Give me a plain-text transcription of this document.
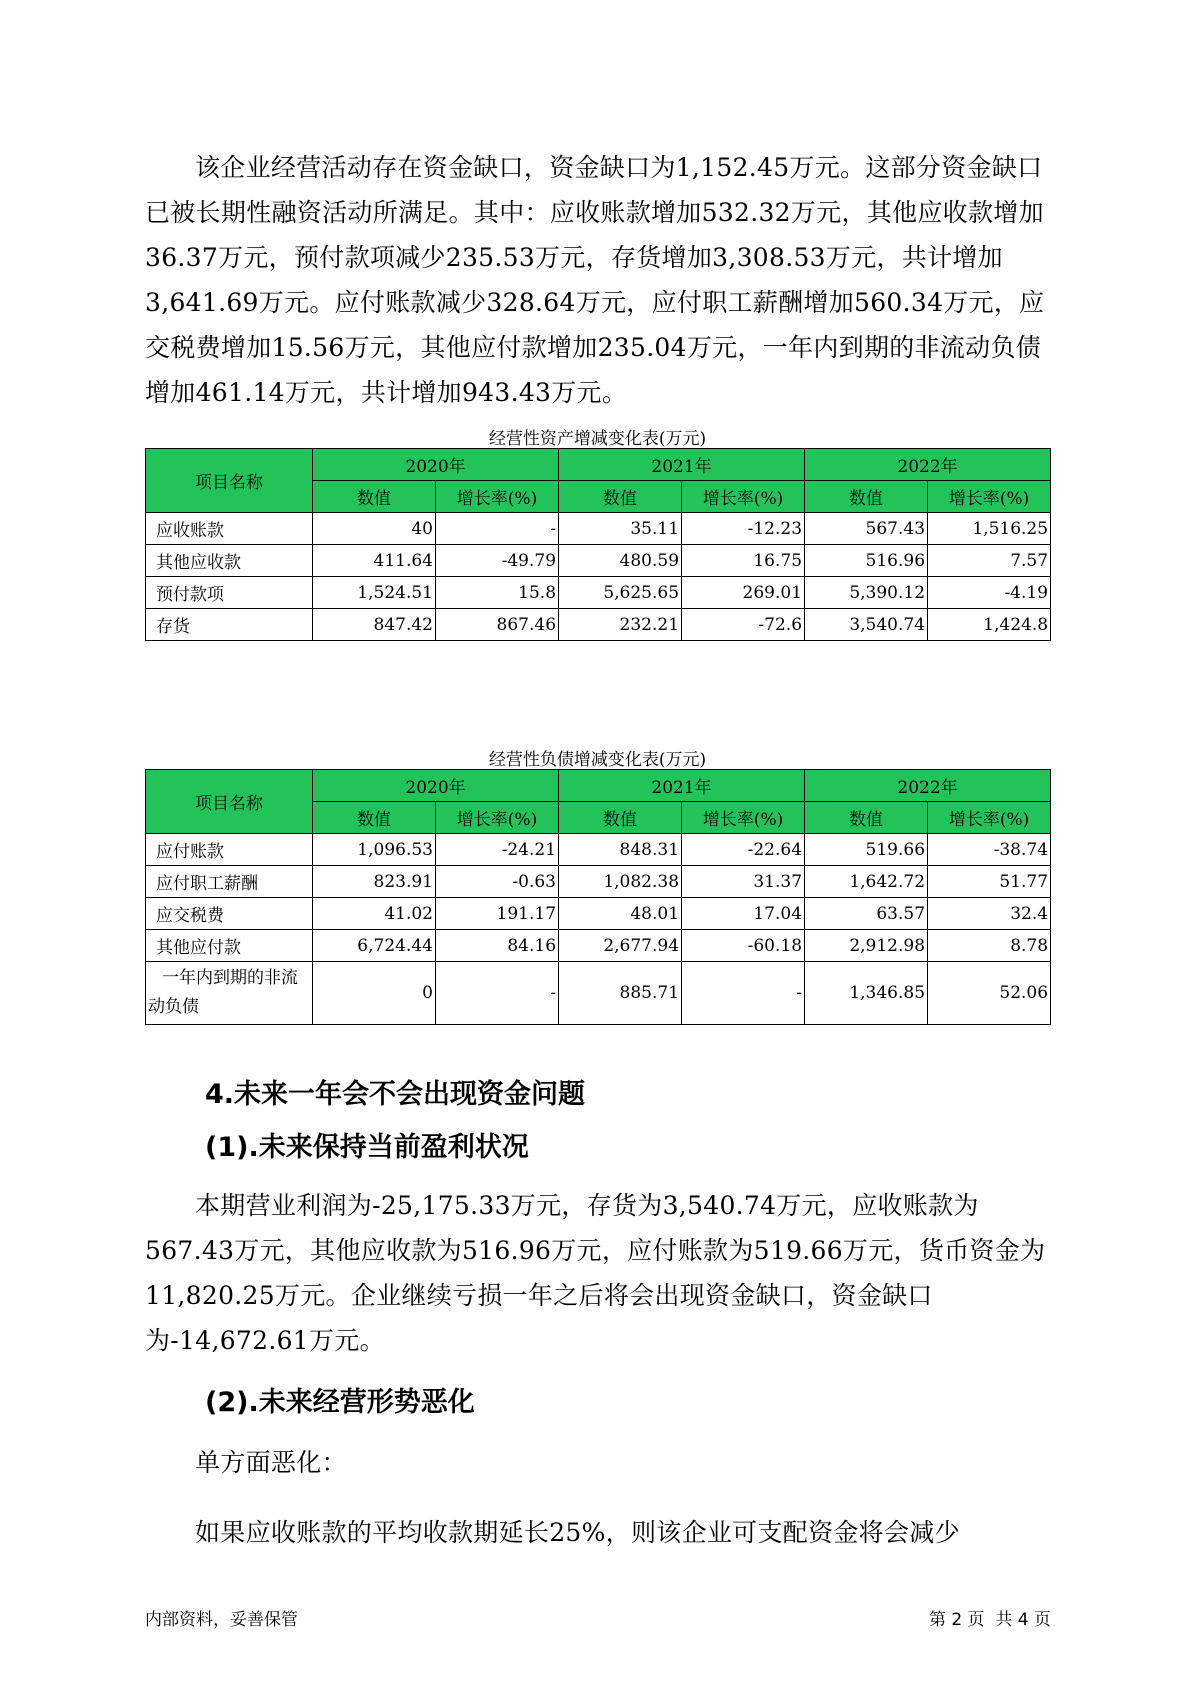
该企业经营活动存在资金缺口，资金缺口为1,152.45万元。这部分资金缺口已被长期性融资活动所满足。其中：应收账款增加532.32万元，其他应收款增加36.37万元，预付款项减少235.53万元，存货增加3,308.53万元，共计增加3,641.69万元。应付账款减少328.64万元，应付职工薪酬增加560.34万元，应交税费增加15.56万元，其他应付款增加235.04万元，一年内到期的非流动负债增加461.14万元，共计增加943.43万元。

经营性资产增减变化表(万元)
项目名称	2020年		2021年		2022年	
	数值	增长率(%)	数值	增长率(%)	数值	增长率(%)
应收账款	40	-	35.11	-12.23	567.43	1,516.25
其他应收款	411.64	-49.79	480.59	16.75	516.96	7.57
预付款项	1,524.51	15.8	5,625.65	269.01	5,390.12	-4.19
存货	847.42	867.46	232.21	-72.6	3,540.74	1,424.8
经营性负债增减变化表(万元)
项目名称	2020年		2021年		2022年	
	数值	增长率(%)	数值	增长率(%)	数值	增长率(%)
应付账款	1,096.53	-24.21	848.31	-22.64	519.66	-38.74
应付职工薪酬	823.91	-0.63	1,082.38	31.37	1,642.72	51.77
应交税费	41.02	191.17	48.01	17.04	63.57	32.4
其他应付款	6,724.44	84.16	2,677.94	-60.18	2,912.98	8.78

一年内到期的非流
动负债	0	-	885.71	-	1,346.85	52.06
4.未来一年会不会出现资金问题
(1).未来保持当前盈利状况

本期营业利润为-25,175.33万元，存货为3,540.74万元，应收账款为567.43万元，其他应收款为516.96万元，应付账款为519.66万元，货币资金为11,820.25万元。企业继续亏损一年之后将会出现资金缺口，资金缺口为-14,672.61万元。

(2).未来经营形势恶化

单方面恶化：

如果应收账款的平均收款期延长25%，则该企业可支配资金将会减少

内部资料，妥善保管	第 2 页  共 4 页
